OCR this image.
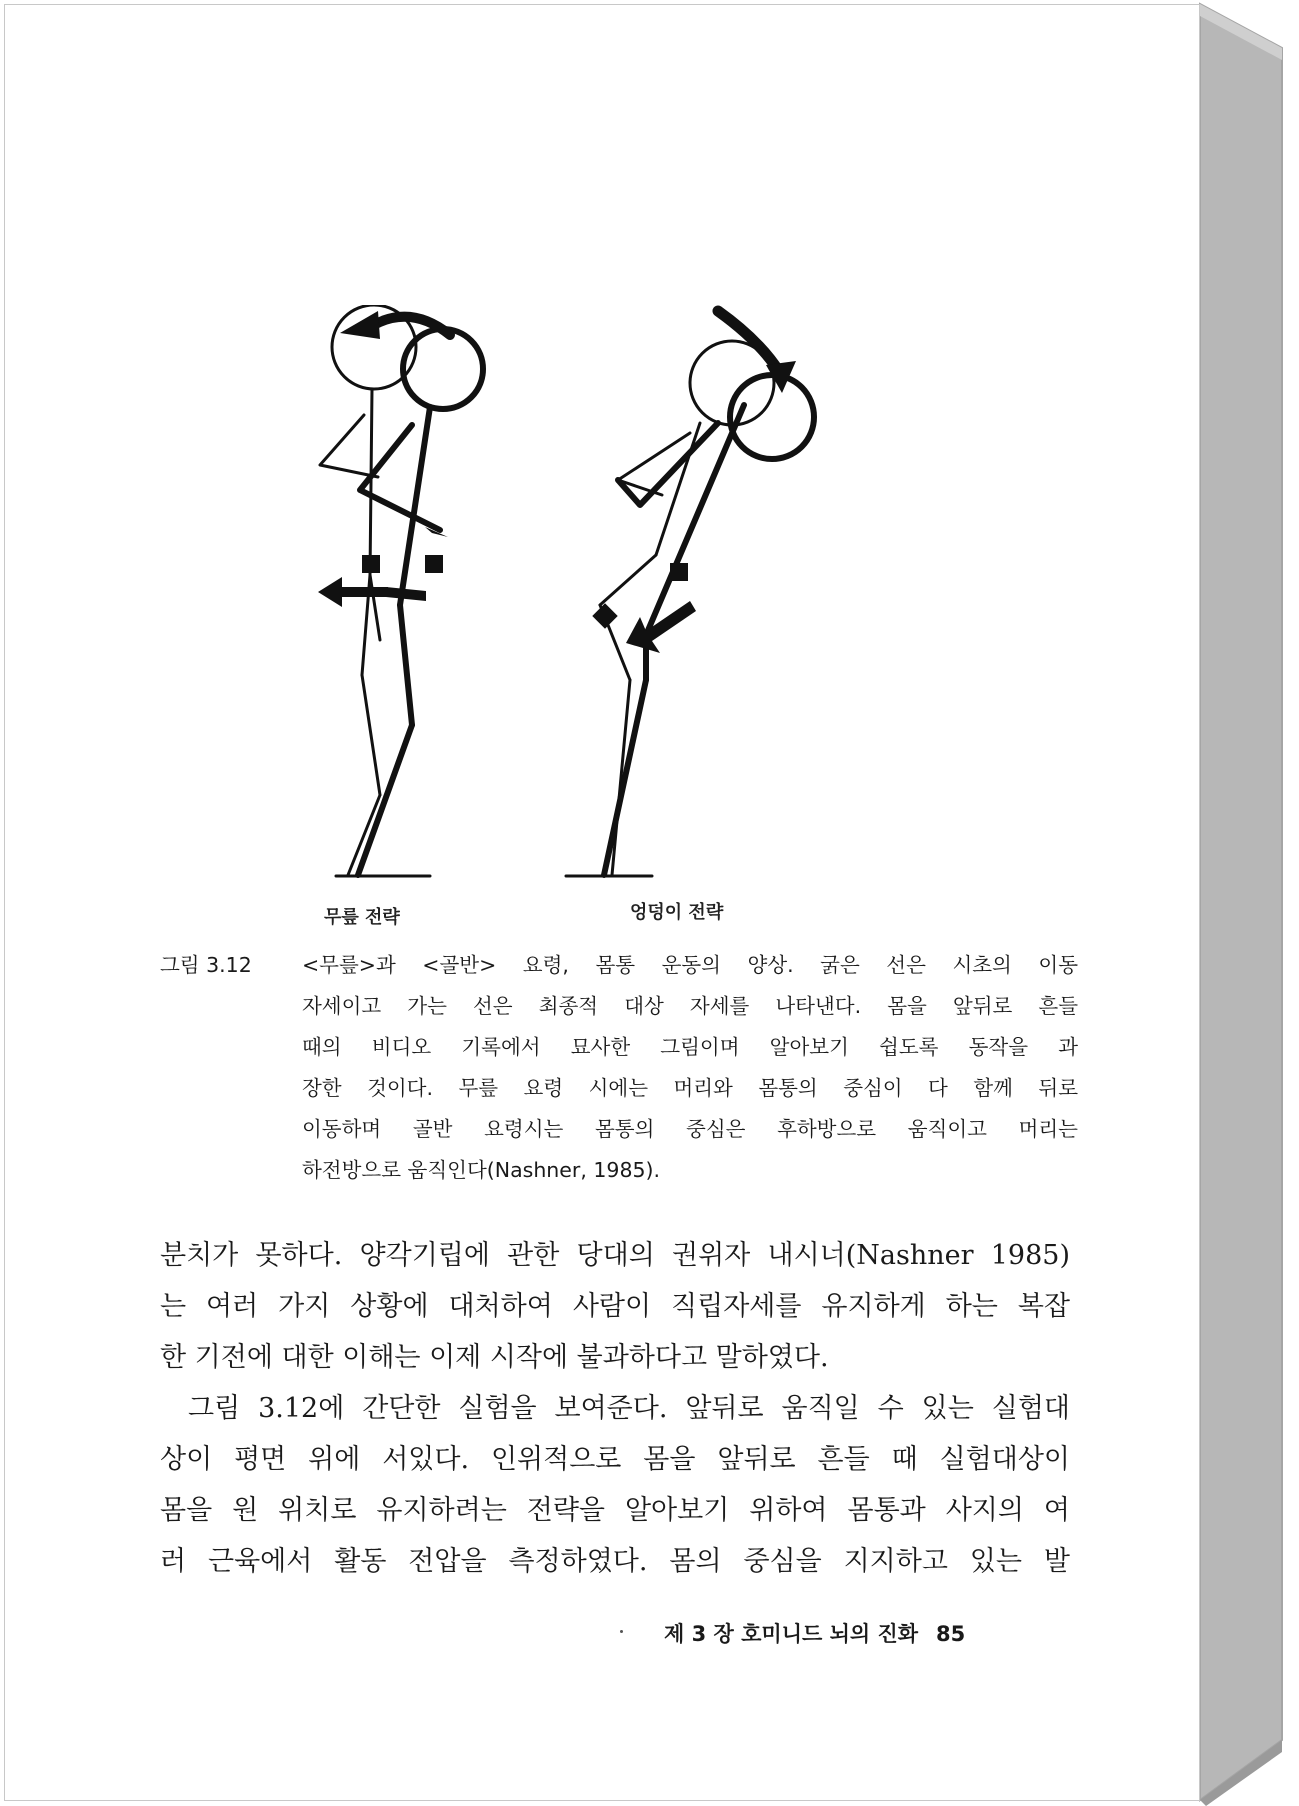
무릎 전략	엉덩이 전략
그림 3.12 <무릎>과 <골반> 요령, 몸통 운동의 양상. 굵은 선은 시초의 이동
자세이고 가는 선은 최종적 대상 자세를 나타낸다. 몸을 앞뒤로 흔들
때의 비디오 기록에서 묘사한 그림이며 알아보기 쉽도록 동작을 과
장한 것이다. 무릎 요령 시에는 머리와 몸통의 중심이 다 함께 뒤로
이동하며 골반 요령시는 몸통의 중심은 후하방으로 움직이고 머리는
하전방으로 움직인다(Nashner, 1985).
분치가 못하다. 양각기립에 관한 당대의 권위자 내시너(Nashner 1985)
는 여러 가지 상황에 대처하여 사람이 직립자세를 유지하게 하는 복잡
한 기전에 대한 이해는 이제 시작에 불과하다고 말하였다.
그림 3.12에 간단한 실험을 보여준다. 앞뒤로 움직일 수 있는 실험대
상이 평면 위에 서있다. 인위적으로 몸을 앞뒤로 흔들 때 실험대상이
몸을 원 위치로 유지하려는 전략을 알아보기 위하여 몸통과 사지의 여
러 근육에서 활동 전압을 측정하였다. 몸의 중심을 지지하고 있는 발
제 3 장 호미니드 뇌의 진화 85
